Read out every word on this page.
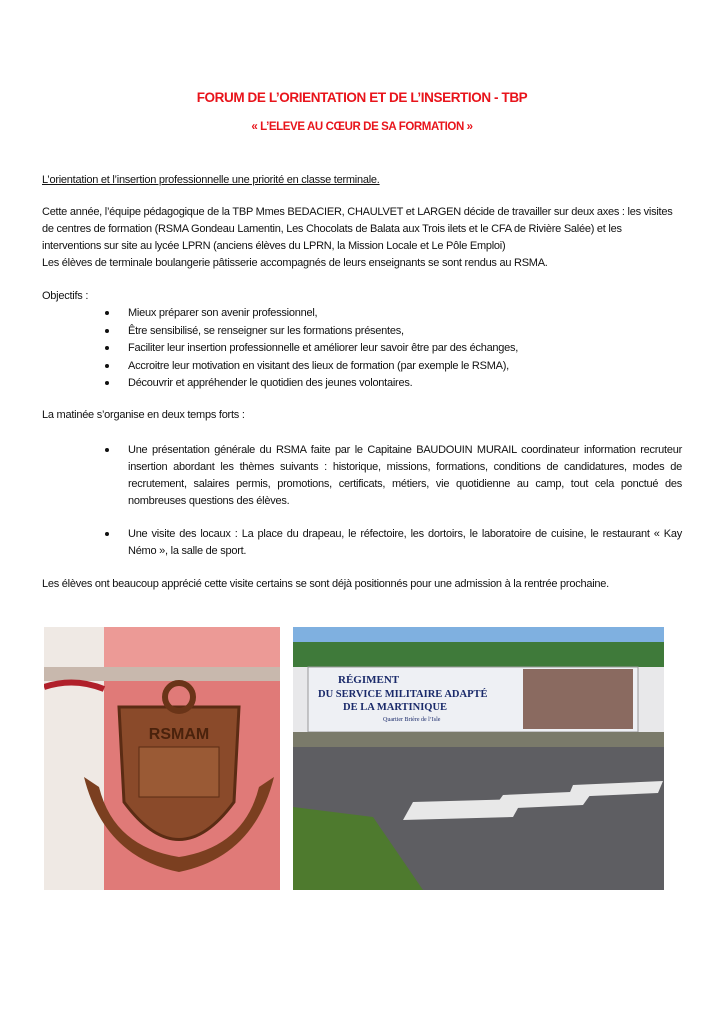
FORUM DE L’ORIENTATION ET DE L’INSERTION - TBP
« L’ELEVE AU CŒUR DE SA FORMATION »
L’orientation et l’insertion professionnelle une priorité en classe terminale.
Cette année, l’équipe pédagogique de la TBP Mmes BEDACIER, CHAULVET et LARGEN décide de travailler sur deux axes : les visites de centres de formation (RSMA Gondeau Lamentin, Les Chocolats de Balata aux Trois ilets et le CFA de Rivière Salée) et les interventions sur site au lycée LPRN (anciens élèves du LPRN, la Mission Locale et Le Pôle Emploi)
Les élèves de terminale boulangerie pâtisserie accompagnés de leurs enseignants se sont rendus au RSMA.
Objectifs :
Mieux préparer son avenir professionnel,
Être sensibilisé, se renseigner sur les formations présentes,
Faciliter leur insertion professionnelle et améliorer leur savoir être par des échanges,
Accroitre leur motivation en visitant des lieux de formation (par exemple le RSMA),
Découvrir et appréhender le quotidien des jeunes volontaires.
La matinée s’organise en deux temps forts :
Une présentation générale du RSMA faite par le Capitaine BAUDOUIN MURAIL coordinateur information recruteur insertion abordant les thèmes suivants : historique, missions, formations, conditions de candidatures, modes de recrutement, salaires permis, promotions, certificats, métiers, vie quotidienne au camp, tout cela ponctué des nombreuses questions des élèves.
Une visite des locaux : La place du drapeau, le réfectoire, les dortoirs, le laboratoire de cuisine, le restaurant « Kay Némo », la salle de sport.
Les élèves ont beaucoup apprécié cette visite certains se sont déjà positionnés pour une admission à la rentrée prochaine.
RSMAM
RÉGIMENT
DU SERVICE MILITAIRE ADAPTÉ
DE LA MARTINIQUE
Quartier Brière de l’Isle
